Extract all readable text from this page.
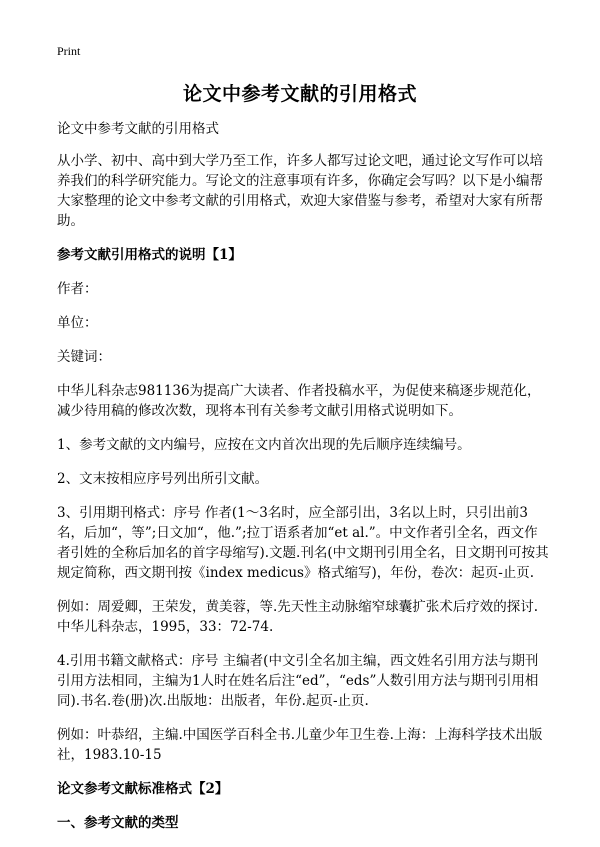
Print
论文中参考文献的引用格式

论文中参考文献的引用格式

从小学、初中、高中到大学乃至工作，许多人都写过论文吧，通过论文写作可以培养我们的科学研究能力。写论文的注意事项有许多，你确定会写吗？以下是小编帮大家整理的论文中参考文献的引用格式，欢迎大家借鉴与参考，希望对大家有所帮助。

参考文献引用格式的说明【1】

作者：

单位：

关键词：

中华儿科杂志981136为提高广大读者、作者投稿水平，为促使来稿逐步规范化，减少待用稿的修改次数，现将本刊有关参考文献引用格式说明如下。

1、参考文献的文内编号，应按在文内首次出现的先后顺序连续编号。

2、文末按相应序号列出所引文献。

3、引用期刊格式：序号 作者(1～3名时，应全部引出，3名以上时，只引出前3名，后加“，等”;日文加“，他.”;拉丁语系者加“et al.”。中文作者引全名，西文作者引姓的全称后加名的首字母缩写).文题.刊名(中文期刊引用全名，日文期刊可按其规定简称，西文期刊按《index medicus》格式缩写)，年份，卷次：起页-止页.

例如：周爱卿，王荣发，黄美蓉，等.先天性主动脉缩窄球囊扩张术后疗效的探讨.中华儿科杂志，1995，33：72-74.

4.引用书籍文献格式：序号 主编者(中文引全名加主编，西文姓名引用方法与期刊引用方法相同，主编为1人时在姓名后注“ed”，“eds”人数引用方法与期刊引用相同).书名.卷(册)次.出版地：出版者，年份.起页-止页.

例如：叶恭绍，主编.中国医学百科全书.儿童少年卫生卷.上海：上海科学技术出版社，1983.10-15

论文参考文献标准格式【2】
一、参考文献的类型
